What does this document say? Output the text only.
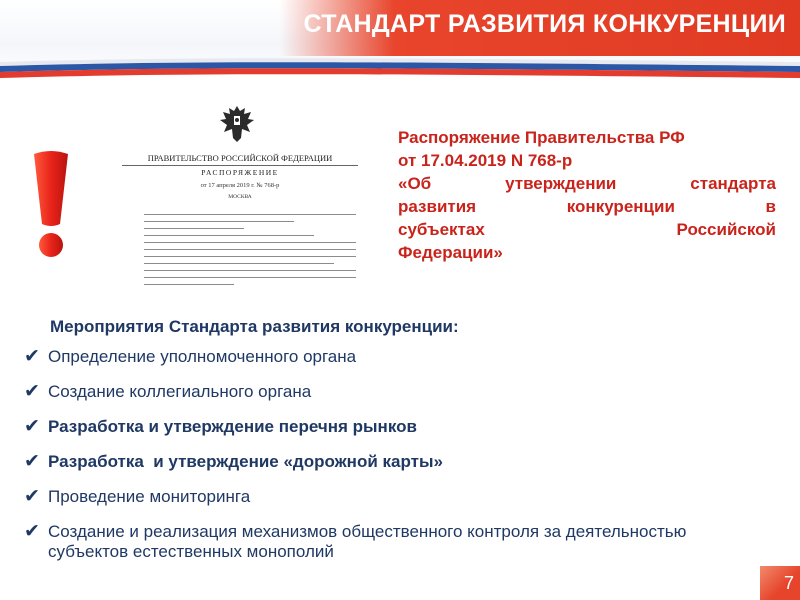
СТАНДАРТ РАЗВИТИЯ КОНКУРЕНЦИИ
ПРАВИТЕЛЬСТВО РОССИЙСКОЙ ФЕДЕРАЦИИ
РАСПОРЯЖЕНИЕ
от 17 апреля 2019 г. № 768-р
МОСКВА
Распоряжение Правительства РФ
от 17.04.2019 N 768-р
«Об утверждении стандарта
развития конкуренции в
субъектах Российской
Федерации»
Мероприятия Стандарта развития конкуренции:
✔ Определение уполномоченного органа
✔ Создание коллегиального органа
✔ Разработка и утверждение перечня рынков
✔ Разработка  и утверждение «дорожной карты»
✔ Проведение мониторинга
✔ Создание и реализация механизмов общественного контроля за деятельностью субъектов естественных монополий
7
